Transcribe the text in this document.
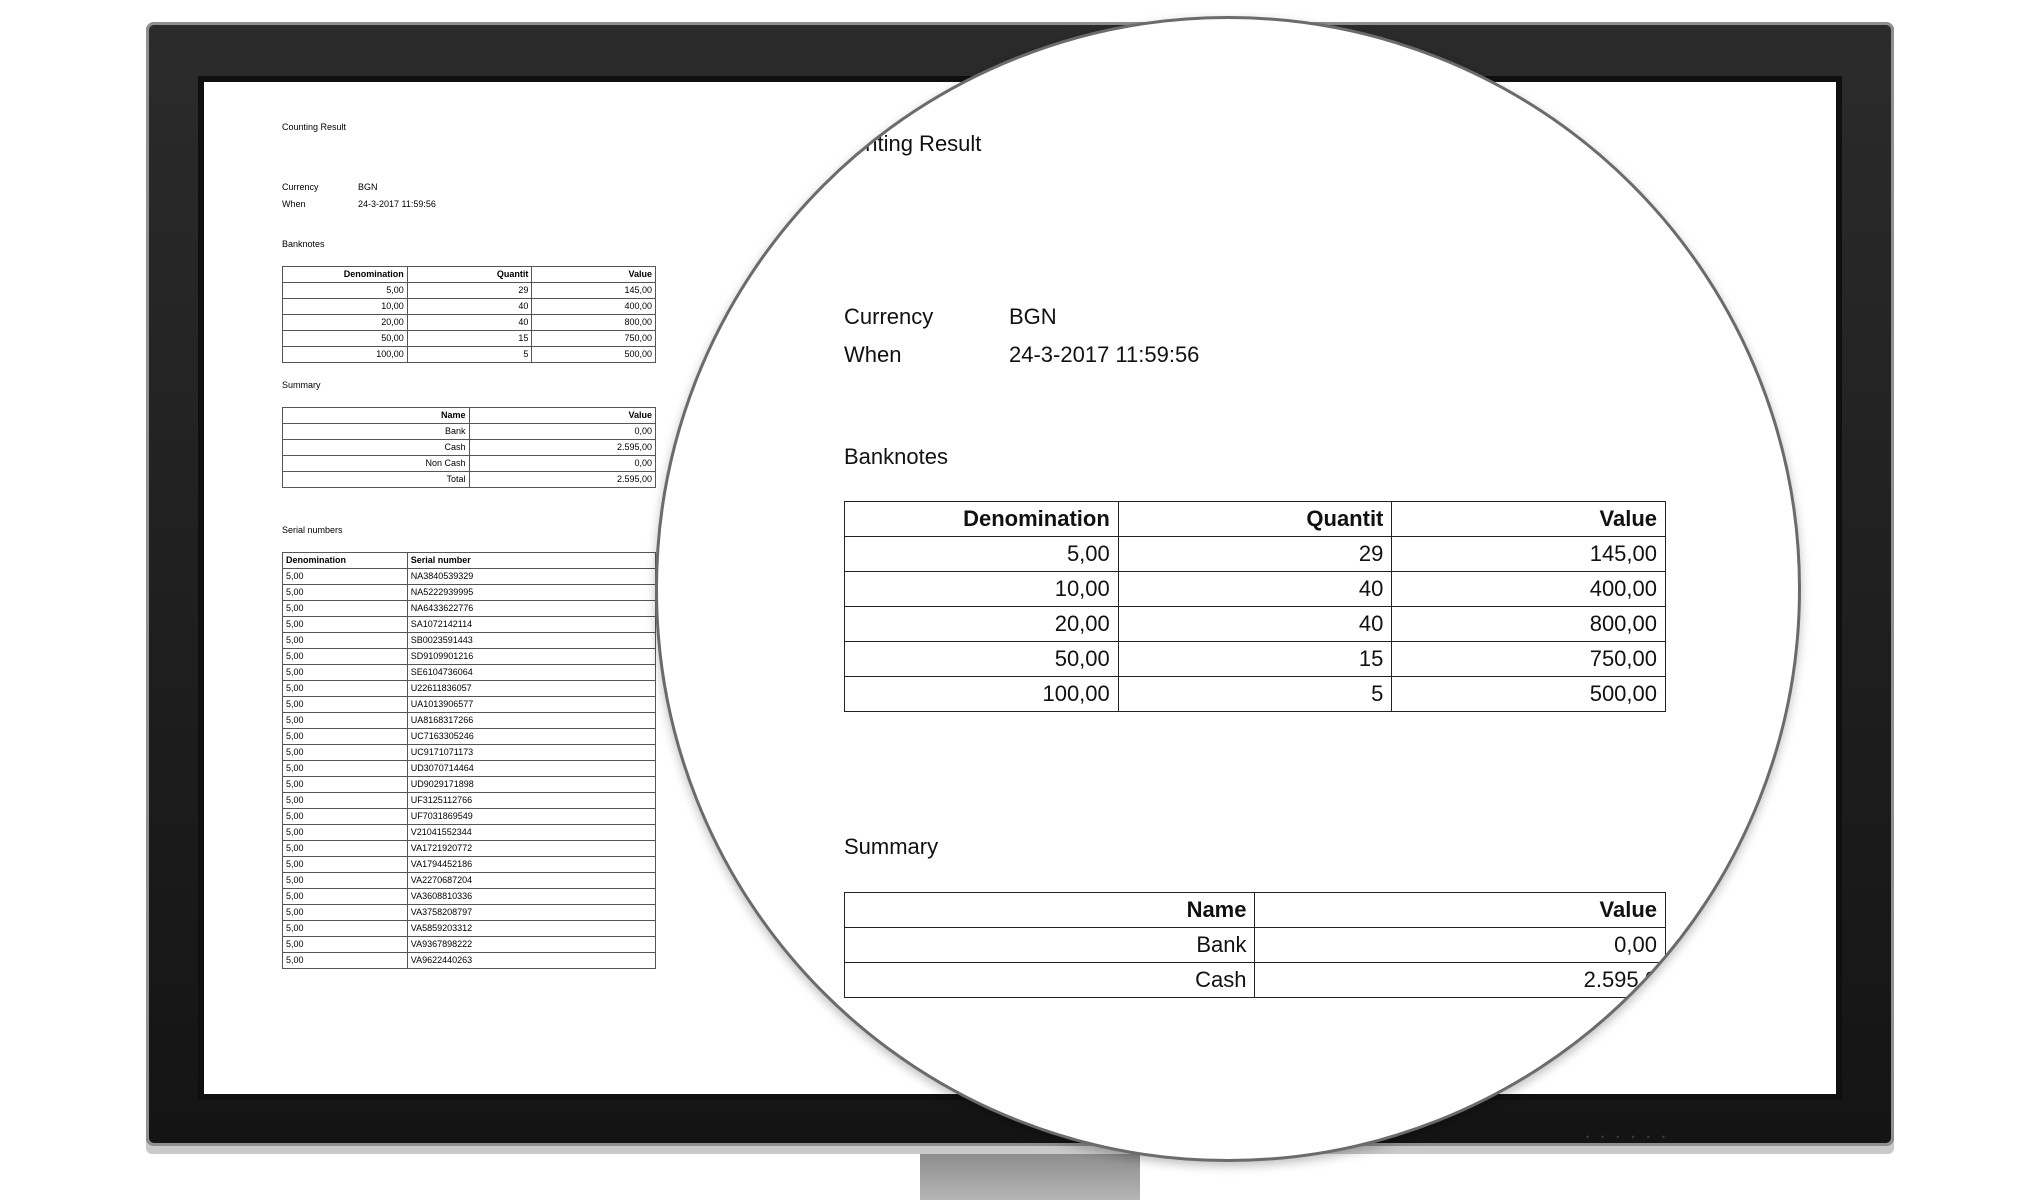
Counting Result
Currency	BGN
When	24-3-2017 11:59:56
Banknotes
Denomination	Quantit	Value
5,00	29	145,00
10,00	40	400,00
20,00	40	800,00
50,00	15	750,00
100,00	5	500,00
Summary
Name	Value
Bank	0,00
Cash	2.595,00
Non Cash	0,00
Total	2.595,00
Serial numbers
Denomination	Serial number
5,00	NA3840539329
5,00	NA5222939995
5,00	NA6433622776
5,00	SA1072142114
5,00	SB0023591443
5,00	SD9109901216
5,00	SE6104736064
5,00	U22611836057
5,00	UA1013906577
5,00	UA8168317266
5,00	UC7163305246
5,00	UC9171071173
5,00	UD3070714464
5,00	UD9029171898
5,00	UF3125112766
5,00	UF7031869549
5,00	V21041552344
5,00	VA1721920772
5,00	VA1794452186
5,00	VA2270687204
5,00	VA3608810336
5,00	VA3758208797
5,00	VA5859203312
5,00	VA9367898222
5,00	VA9622440263
••••••
unting Result
Currency	BGN
When	24-3-2017 11:59:56
Banknotes
Denomination	Quantit	Value
5,00	29	145,00
10,00	40	400,00
20,00	40	800,00
50,00	15	750,00
100,00	5	500,00
Summary
Name	Value
Bank	0,00
Cash	2.595,0
